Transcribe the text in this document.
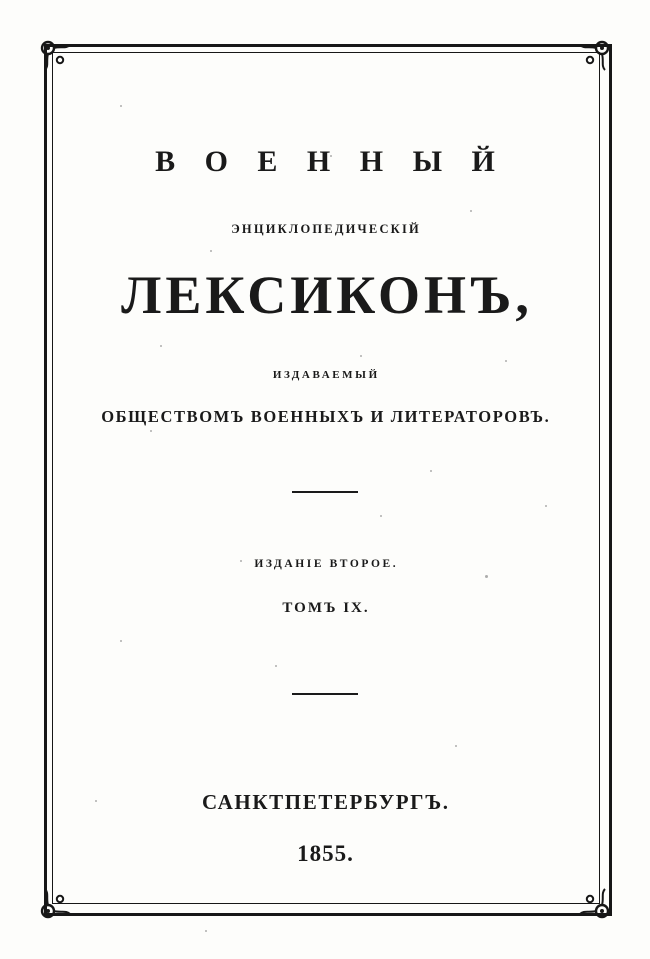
В О Е Н Н Ы Й
ЭНЦИКЛОПЕДИЧЕСКІЙ
ЛЕКСИКОНЪ,
ИЗДАВАЕМЫЙ
ОБЩЕСТВОМЪ ВОЕННЫХЪ И ЛИТЕРАТОРОВЪ.
ИЗДАНІЕ ВТОРОЕ.
ТОМЪ IX.
САНКТПЕТЕРБУРГЪ.
1855.
